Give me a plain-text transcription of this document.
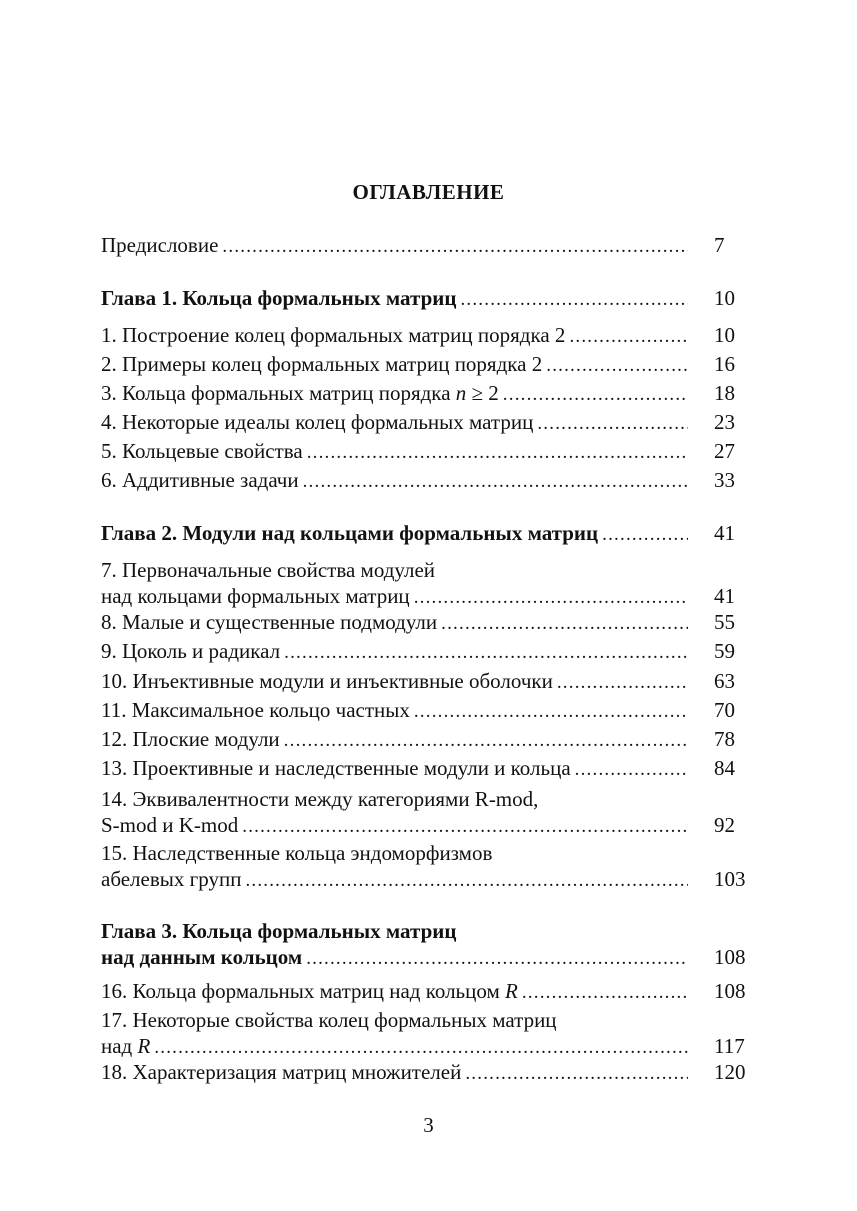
ОГЛАВЛЕНИЕ
Предисловие .....	7
Глава 1. Кольца формальных матриц .....	10
1. Построение колец формальных матриц порядка 2 .....	10
2. Примеры колец формальных матриц порядка 2 .....	16
3. Кольца формальных матриц порядка n ≥ 2 .....	18
4. Некоторые идеалы колец формальных матриц .....	23
5. Кольцевые свойства .....	27
6. Аддитивные задачи .....	33
Глава 2. Модули над кольцами формальных матриц .....	41
7. Первоначальные свойства модулей
над кольцами формальных матриц .....	41
8. Малые и существенные подмодули .....	55
9. Цоколь и радикал .....	59
10. Инъективные модули и инъективные оболочки .....	63
11. Максимальное кольцо частных .....	70
12. Плоские модули .....	78
13. Проективные и наследственные модули и кольца .....	84
14. Эквивалентности между категориями R-mod,
S-mod и K-mod .....	92
15. Наследственные кольца эндоморфизмов
абелевых групп .....	103
Глава 3. Кольца формальных матриц
над данным кольцом .....	108
16. Кольца формальных матриц над кольцом R .....	108
17. Некоторые свойства колец формальных матриц
над R .....	117
18. Характеризация матриц множителей .....	120
3
